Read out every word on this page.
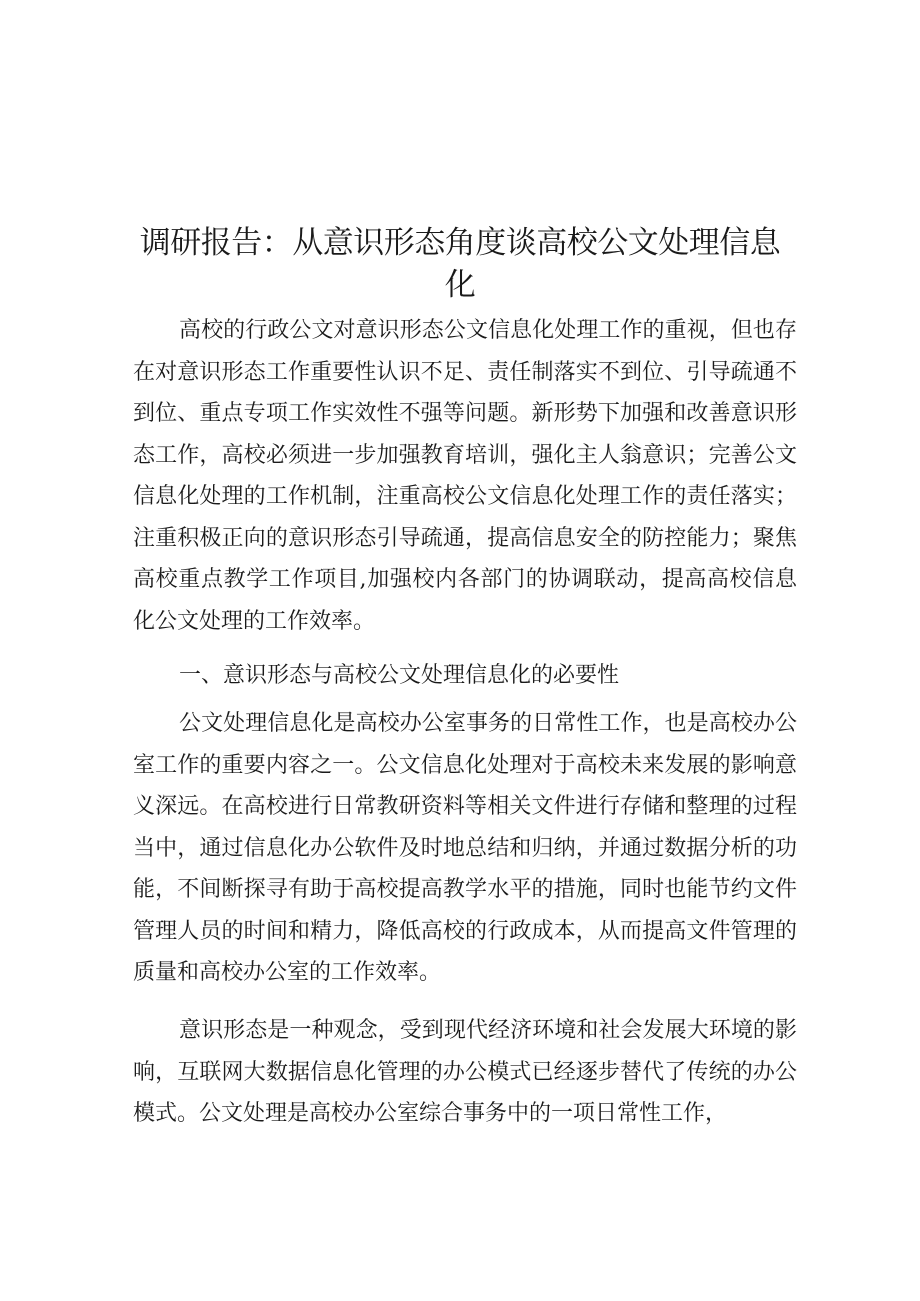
调研报告：从意识形态角度谈高校公文处理信息化

高校的行政公文对意识形态公文信息化处理工作的重视，但也存在对意识形态工作重要性认识不足、责任制落实不到位、引导疏通不到位、重点专项工作实效性不强等问题。新形势下加强和改善意识形态工作，高校必须进一步加强教育培训，强化主人翁意识；完善公文信息化处理的工作机制，注重高校公文信息化处理工作的责任落实；注重积极正向的意识形态引导疏通，提高信息安全的防控能力；聚焦高校重点教学工作项目,加强校内各部门的协调联动，提高高校信息化公文处理的工作效率。

一、意识形态与高校公文处理信息化的必要性

公文处理信息化是高校办公室事务的日常性工作，也是高校办公室工作的重要内容之一。公文信息化处理对于高校未来发展的影响意义深远。在高校进行日常教研资料等相关文件进行存储和整理的过程当中，通过信息化办公软件及时地总结和归纳，并通过数据分析的功能，不间断探寻有助于高校提高教学水平的措施，同时也能节约文件管理人员的时间和精力，降低高校的行政成本，从而提高文件管理的质量和高校办公室的工作效率。

意识形态是一种观念，受到现代经济环境和社会发展大环境的影响，互联网大数据信息化管理的办公模式已经逐步替代了传统的办公模式。公文处理是高校办公室综合事务中的一项日常性工作，
